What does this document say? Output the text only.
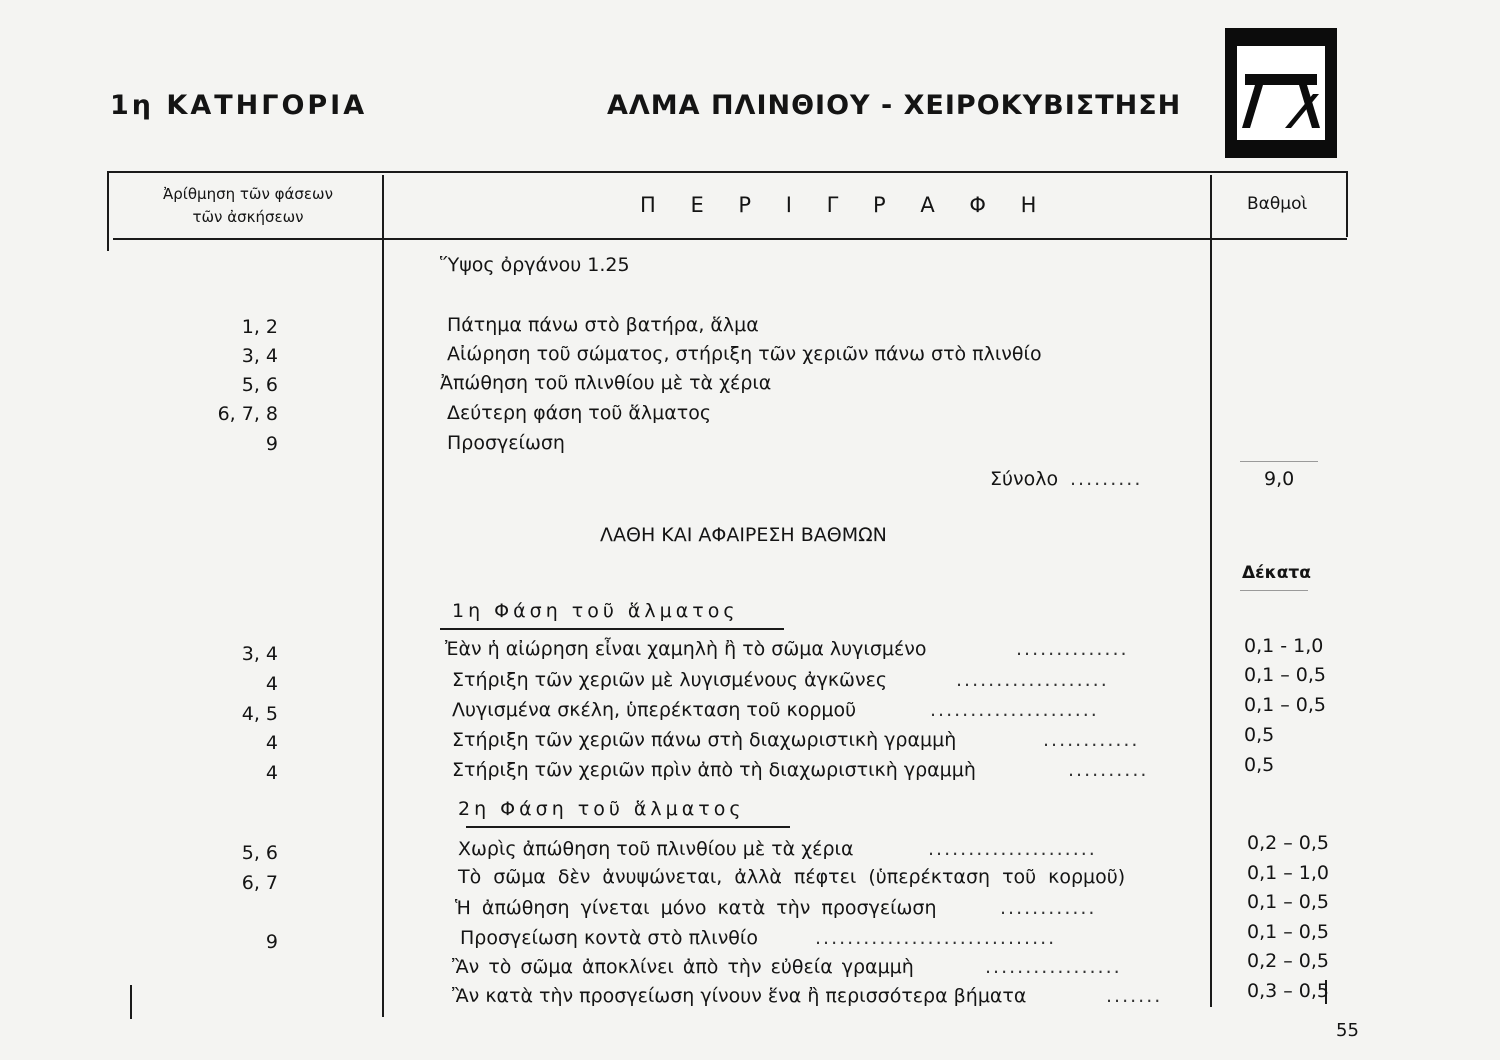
1η ΚΑΤΗΓΟΡΙΑ	ΑΛΜΑ ΠΛΙΝΘΙΟΥ - ΧΕΙΡΟΚΥΒΙΣΤΗΣΗ
Ἀρίθμηση τῶν φάσεων
τῶν ἀσκήσεων	Π Ε Ρ Ι Γ Ρ Α Φ Η	Βαθμοὶ
Ὕψος ὀργάνου 1.25
1, 2	Πάτημα πάνω στὸ βατήρα, ἅλμα
3, 4	Αἰώρηση τοῦ σώματος, στήριξη τῶν χεριῶν πάνω στὸ πλινθίο
5, 6	Ἀπώθηση τοῦ πλινθίου μὲ τὰ χέρια
6, 7, 8	Δεύτερη φάση τοῦ ἅλματος
9	Προσγείωση
Σύνολο .........	9,0
ΛΑΘΗ ΚΑΙ ΑΦΑΙΡΕΣΗ ΒΑΘΜΩΝ
Δέκατα
1η Φάση τοῦ ἅλματος
3, 4	Ἐὰν ἡ αἰώρηση εἶναι χαμηλὴ ἢ τὸ σῶμα λυγισμένο	..............	0,1 - 1,0
4	Στήριξη τῶν χεριῶν μὲ λυγισμένους ἀγκῶνες	...................	0,1 – 0,5
4, 5	Λυγισμένα σκέλη, ὑπερέκταση τοῦ κορμοῦ	.....................	0,1 – 0,5
4	Στήριξη τῶν χεριῶν πάνω στὴ διαχωριστικὴ γραμμὴ	............	0,5
4	Στήριξη τῶν χεριῶν πρὶν ἀπὸ τὴ διαχωριστικὴ γραμμὴ	..........	0,5
2η Φάση τοῦ ἅλματος
5, 6	Χωρὶς ἀπώθηση τοῦ πλινθίου μὲ τὰ χέρια	.....................	0,2 – 0,5
6, 7	Τὸ σῶμα δὲν ἀνυψώνεται, ἀλλὰ πέφτει (ὑπερέκταση τοῦ κορμοῦ)	0,1 – 1,0
Ἡ ἀπώθηση γίνεται μόνο κατὰ τὴν προσγείωση	............	0,1 – 0,5
9	Προσγείωση κοντὰ στὸ πλινθίο	..............................	0,1 – 0,5
Ἂν τὸ σῶμα ἀποκλίνει ἀπὸ τὴν εὐθεία γραμμὴ	.................	0,2 – 0,5
Ἂν κατὰ τὴν προσγείωση γίνουν ἕνα ἢ περισσότερα βήματα	.......	0,3 – 0,5
55
